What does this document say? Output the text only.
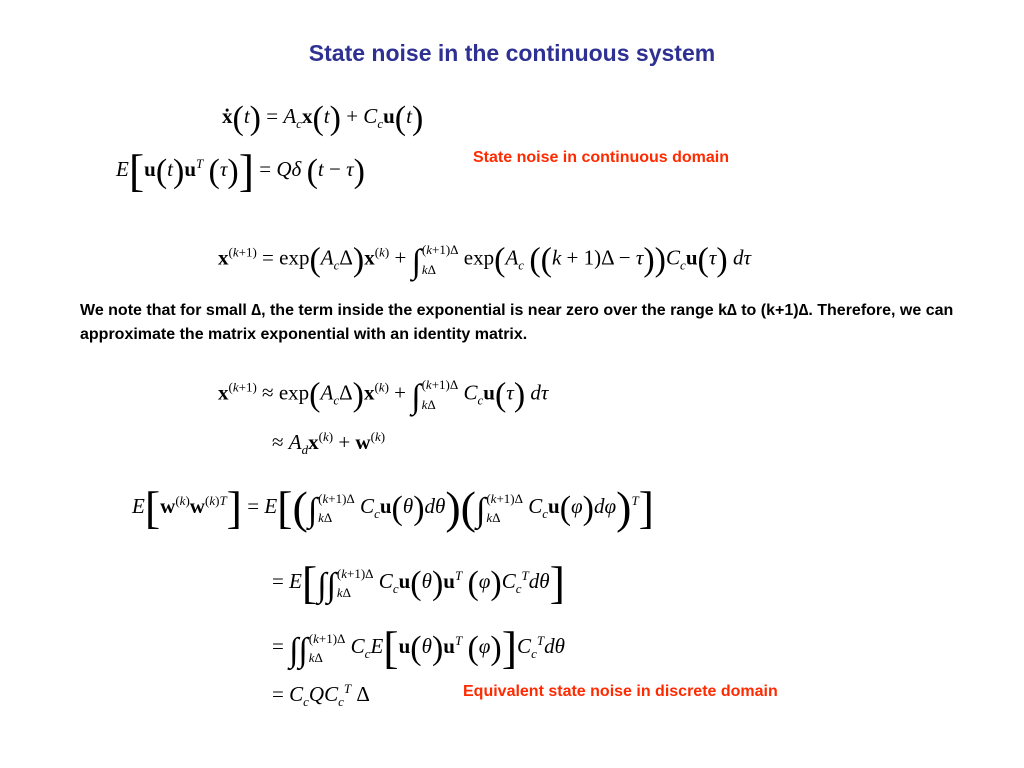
State noise in the continuous system
ẋ(t) = $A_cx(t) + C_cu(t)$
$E[u(t)u^T$ (τ)] = Qδ (t − τ)	State noise in continuous domain
$x^{(k+1)} = \exp(A_c\Delta)x^{(k)}$ + ∫ (k+1)Δ
kΔ	$\exp(A_c$ $((k + 1)\Delta - \tau))C_cu(\tau)$ dτ
We note that for small ∆, the term inside the exponential is near zero over the range k∆ to (k+1)∆. Therefore, we can approximate the matrix exponential with an identity matrix.
$x^{(k+1)} \approx \exp(A_c\Delta)x^{(k)}$ + ∫ (k+1)Δ
kΔ	$C_cu(\tau)$ dτ
≈ $A_dx^{(k)} + w^{(k)}$
$E[w^{(k)}w^{(k)T}] = E[(\int$ (k+1)Δ
kΔ	$C_cu(\theta)d\theta)(\int$ (k+1)Δ
kΔ	$C_cu(\varphi)d\varphi)^T$]
= E[∫∫ (k+1)Δ
kΔ	$C_cu(\theta)u^T$ $(\varphi)C_c^Td\theta$]
= ∫∫ (k+1)Δ
kΔ	$C_cE[u(\theta)u^T$ $(\varphi)]C_c^Td\theta$
= $C_cQC_c^T$ Δ	Equivalent state noise in discrete domain
